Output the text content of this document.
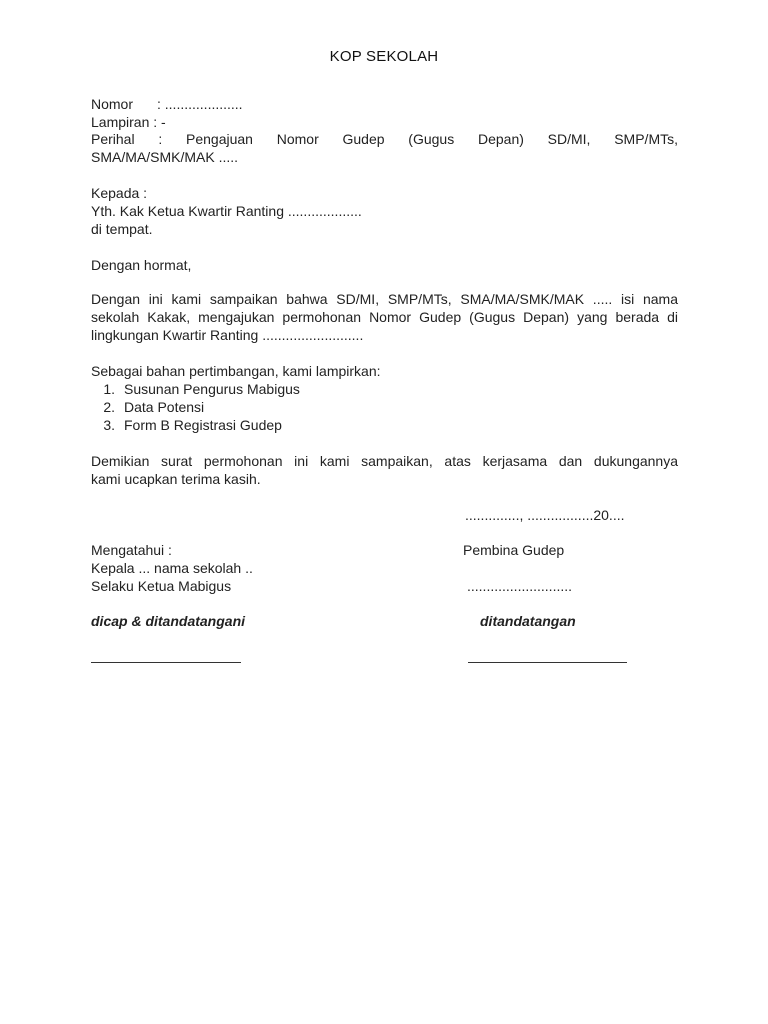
KOP SEKOLAH
Nomor : ....................
Lampiran : -
Perihal : Pengajuan Nomor Gudep (Gugus Depan) SD/MI, SMP/MTs,
SMA/MA/SMK/MAK .....
Kepada :
Yth. Kak Ketua Kwartir Ranting ...................
di tempat.
Dengan hormat,
Dengan ini kami sampaikan bahwa SD/MI, SMP/MTs, SMA/MA/SMK/MAK ..... isi nama
sekolah Kakak, mengajukan permohonan Nomor Gudep (Gugus Depan) yang berada di
lingkungan Kwartir Ranting ..........................
Sebagai bahan pertimbangan, kami lampirkan:
1. Susunan Pengurus Mabigus
2. Data Potensi
3. Form B Registrasi Gudep
Demikian surat permohonan ini kami sampaikan, atas kerjasama dan dukungannya
kami ucapkan terima kasih.
.............., .................20....
Mengatahui :
Kepala ... nama sekolah ..
Selaku Ketua Mabigus
Pembina Gudep
...........................
dicap & ditandatangani	ditandatangan
